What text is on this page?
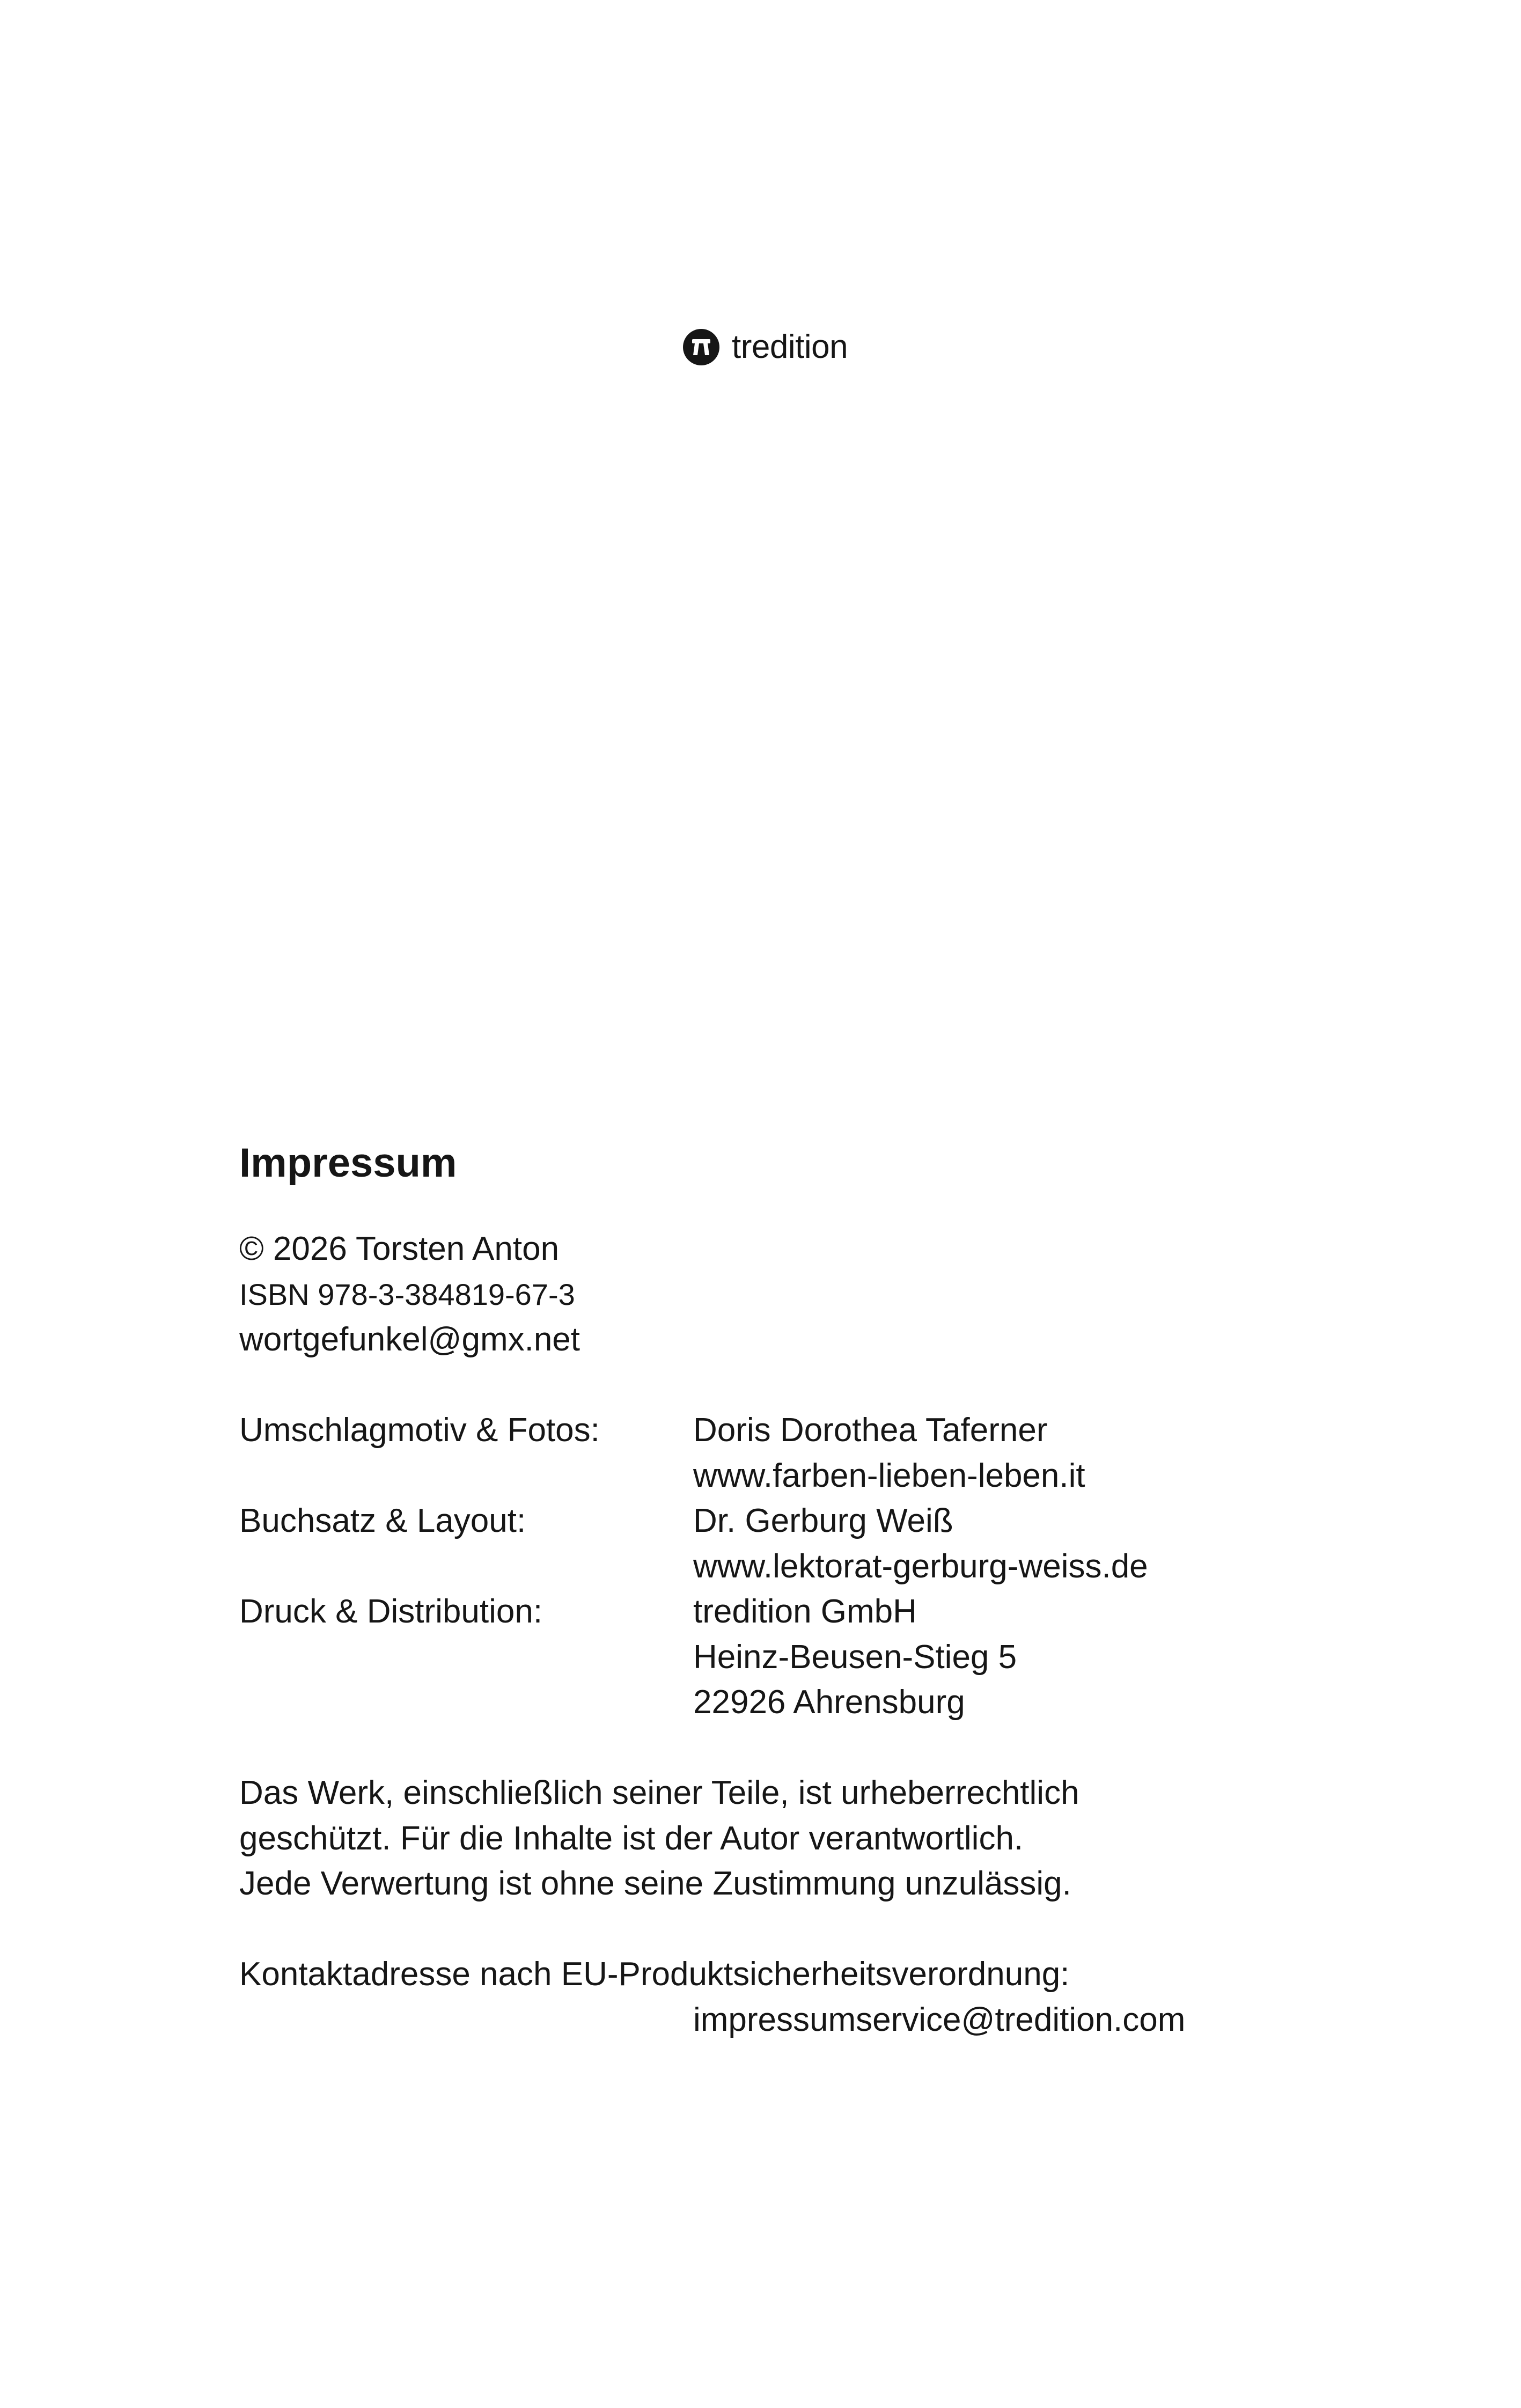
tredition
Impressum
© 2026 Torsten Anton
ISBN 978-3-384819-67-3
wortgefunkel@gmx.net
Umschlagmotiv & Fotos:	Doris Dorothea Taferner
www.farben-lieben-leben.it
Buchsatz & Layout:	Dr. Gerburg Weiß
www.lektorat-gerburg-weiss.de
Druck & Distribution:	tredition GmbH
Heinz-Beusen-Stieg 5
22926 Ahrensburg
Das Werk, einschließlich seiner Teile, ist urheberrechtlich
geschützt. Für die Inhalte ist der Autor verantwortlich.
Jede Verwertung ist ohne seine Zustimmung unzulässig.
Kontaktadresse nach EU-Produktsicherheitsverordnung:
impressumservice@tredition.com
